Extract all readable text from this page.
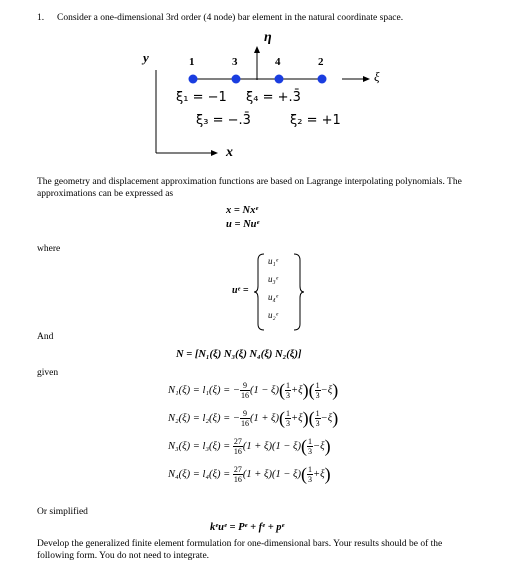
1. Consider a one-dimensional 3rd order (4 node) bar element in the natural coordinate space.
η
y
ξ
x
1	3	4	2
ξ₁ = −1 ξ₄ = +.3̄
ξ₃ = −.3̄	ξ₂ = +1
The geometry and displacement approximation functions are based on Lagrange interpolating polynomials. The approximations can be expressed as
x = Nxᵉ
u = Nuᵉ
where
uᵉ =
u₁ᵉ
u₃ᵉ
u₄ᵉ
u₂ᵉ
And
N = [N₁(ξ) N₃(ξ) N₄(ξ) N₂(ξ)]
given
N₁(ξ) = l₁(ξ) = − $\frac{9}{16} (1 - \xi)( \frac{1}{3} +\xi)( \frac{1}{3} -\xi)$
N₂(ξ) = l₂(ξ) = − $\frac{9}{16} (1 + \xi)( \frac{1}{3} +\xi)( \frac{1}{3} -\xi)$
$N_3(\xi) = l_3(\xi) = \frac{27}{16} (1 + \xi)(1 - \xi)( \frac{1}{3} -\xi)$
$N_4(\xi) = l_4(\xi) = \frac{27}{16} (1 + \xi)(1 - \xi)( \frac{1}{3} +\xi)$
Or simplified
kᵉuᵉ = Pᵉ + fᵉ + pᵉ
Develop the generalized finite element formulation for one-dimensional bars. Your results should be of the following form. You do not need to integrate.
